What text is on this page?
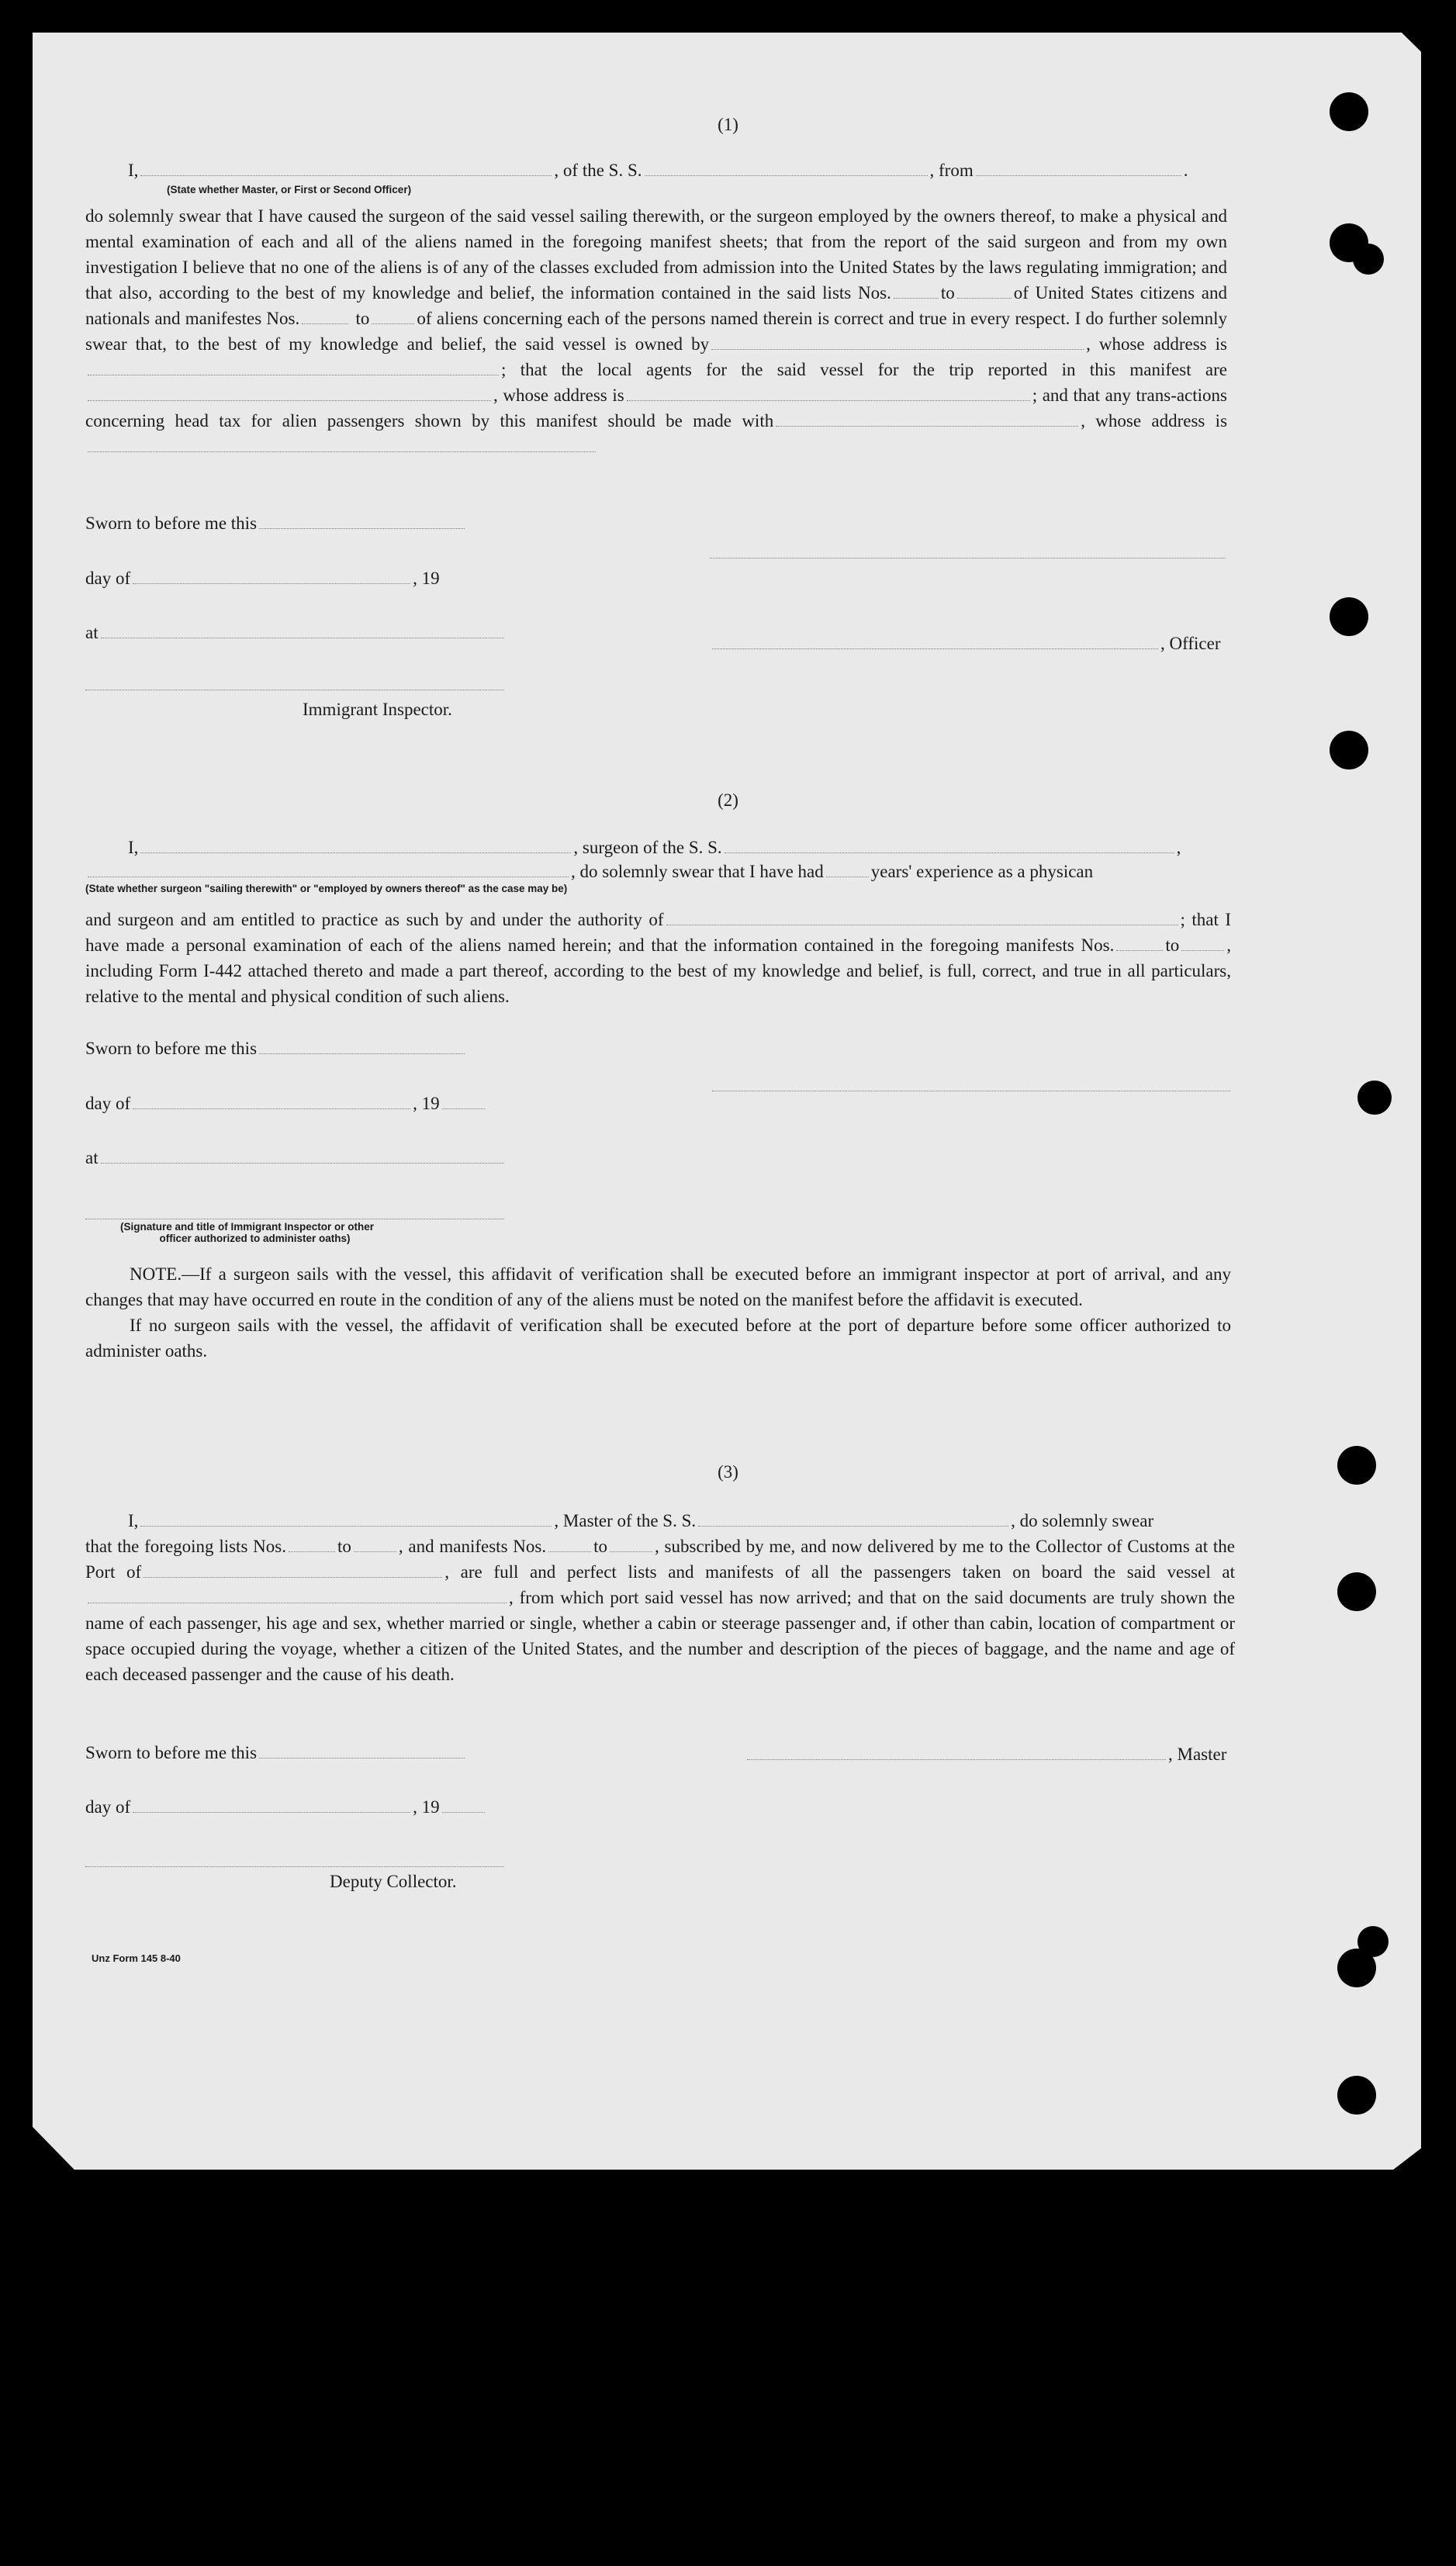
(1)
I,	, of the S. S.	, from	.
(State whether Master, or First or Second Officer)

do solemnly swear that I have caused the surgeon of the said vessel sailing therewith, or the surgeon employed by the owners thereof, to make a physical and mental examination of each and all of the aliens named in the foregoing manifest sheets; that from the report of the said surgeon and from my own investigation I believe that no one of the aliens is of any of the classes excluded from admission into the United States by the laws regulating immigration; and that also, according to the best of my knowledge and belief, the information contained in the said lists Nos.	to	of United States citizens and nationals and manifestes Nos.	to	of aliens concerning each of the persons named therein is correct and true in every respect. I do further solemnly swear that, to the best of my knowledge and belief, the said vessel is owned by	, whose address is ; that the local agents for the said vessel for the trip reported in this manifest are , whose address is	; and that any trans-actions concerning head tax for alien passengers shown by this manifest should be made with	, whose address is

Sworn to before me this
day of	, 19
at
, Officer
Immigrant Inspector.
(2)
I,	, surgeon of the S. S.	,
, do solemnly swear that I have had	years' experience as a physican
(State whether surgeon "sailing therewith" or "employed by owners thereof" as the case may be)

and surgeon and am entitled to practice as such by and under the authority of	; that I have made a personal examination of each of the aliens named herein; and that the information contained in the foregoing manifests Nos.	to	, including Form I-442 attached thereto and made a part thereof, according to the best of my knowledge and belief, is full, correct, and true in all particulars, relative to the mental and physical condition of such aliens.

Sworn to before me this
day of	, 19
at
(Signature and title of Immigrant Inspector or other
officer authorized to administer oaths)

NOTE.—If a surgeon sails with the vessel, this affidavit of verification shall be executed before an immigrant inspector at port of arrival, and any changes that may have occurred en route in the condition of any of the aliens must be noted on the manifest before the affidavit is executed.

If no surgeon sails with the vessel, the affidavit of verification shall be executed before at the port of departure before some officer authorized to administer oaths.

(3)
I,	, Master of the S. S.	, do solemnly swear

that the foregoing lists Nos.	to	, and manifests Nos.	to	, subscribed by me, and now delivered by me to the Collector of Customs at the Port of	, are full and perfect lists and manifests of all the passengers taken on board the said vessel at, from which port said vessel has now arrived; and that on the said documents are truly shown the name of each passenger, his age and sex, whether married or single, whether a cabin or steerage passenger and, if other than cabin, location of compartment or space occupied during the voyage, whether a citizen of the United States, and the number and description of the pieces of baggage, and the name and age of each deceased passenger and the cause of his death.

Sworn to before me this	, Master
day of	, 19
Deputy Collector.
Unz Form 145 8-40
